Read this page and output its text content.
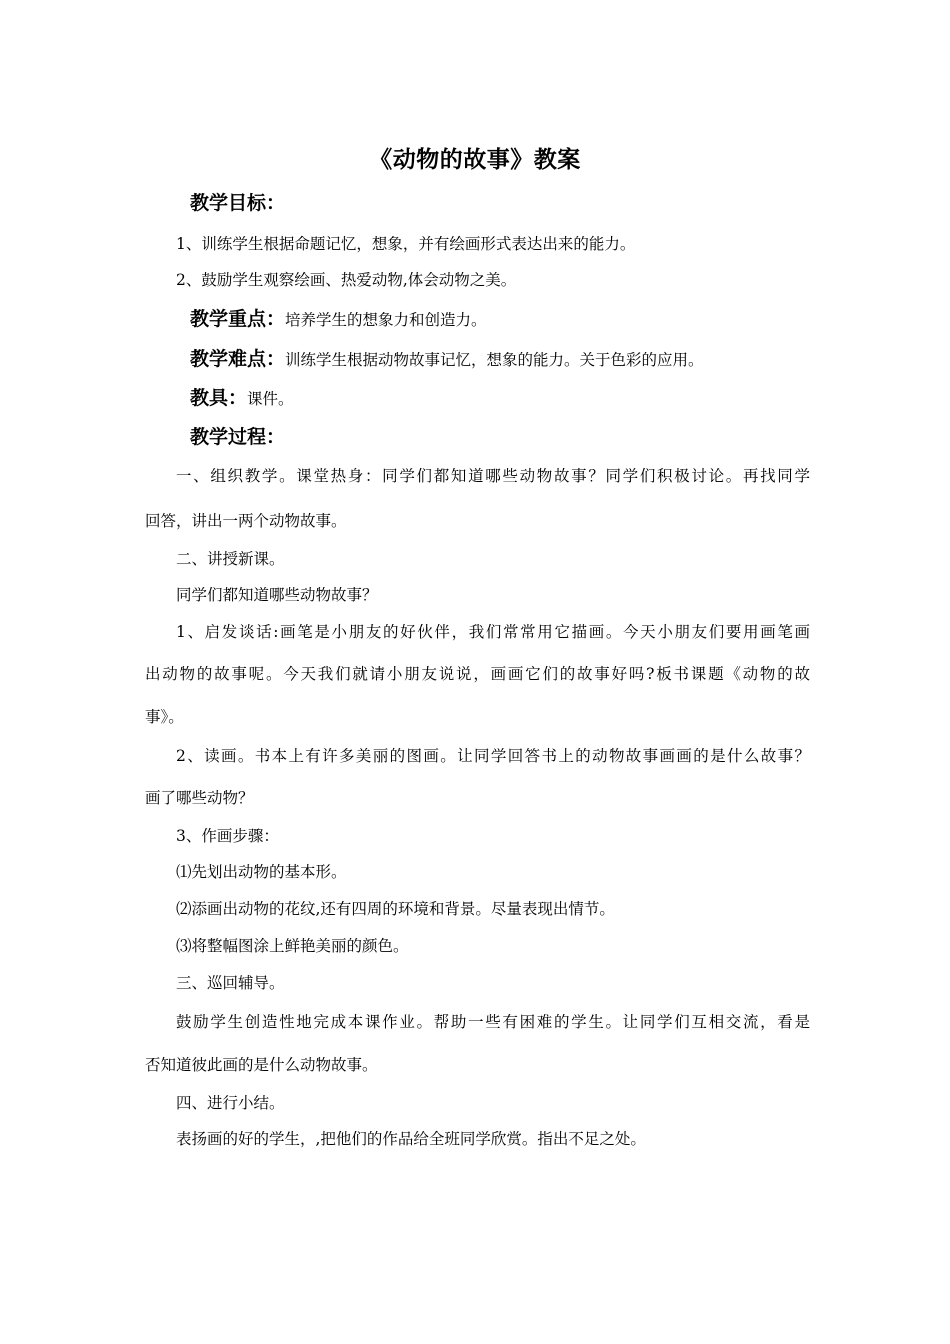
《动物的故事》教案
教学目标：
1、训练学生根据命题记忆，想象，并有绘画形式表达出来的能力。
2、鼓励学生观察绘画、热爱动物,体会动物之美。
教学重点：培养学生的想象力和创造力。
教学难点：训练学生根据动物故事记忆，想象的能力。关于色彩的应用。
教具：课件。
教学过程：
一、组织教学。课堂热身：同学们都知道哪些动物故事？同学们积极讨论。再找同学
回答，讲出一两个动物故事。
二、讲授新课。
同学们都知道哪些动物故事？
1、启发谈话:画笔是小朋友的好伙伴，我们常常用它描画。今天小朋友们要用画笔画
出动物的故事呢。今天我们就请小朋友说说，画画它们的故事好吗?板书课题《动物的故
事》。
2、读画。书本上有许多美丽的图画。让同学回答书上的动物故事画画的是什么故事？
画了哪些动物？
3、作画步骤：
⑴先划出动物的基本形。
⑵添画出动物的花纹,还有四周的环境和背景。尽量表现出情节。
⑶将整幅图涂上鲜艳美丽的颜色。
三、巡回辅导。
鼓励学生创造性地完成本课作业。帮助一些有困难的学生。让同学们互相交流，看是
否知道彼此画的是什么动物故事。
四、进行小结。
表扬画的好的学生，,把他们的作品给全班同学欣赏。指出不足之处。
